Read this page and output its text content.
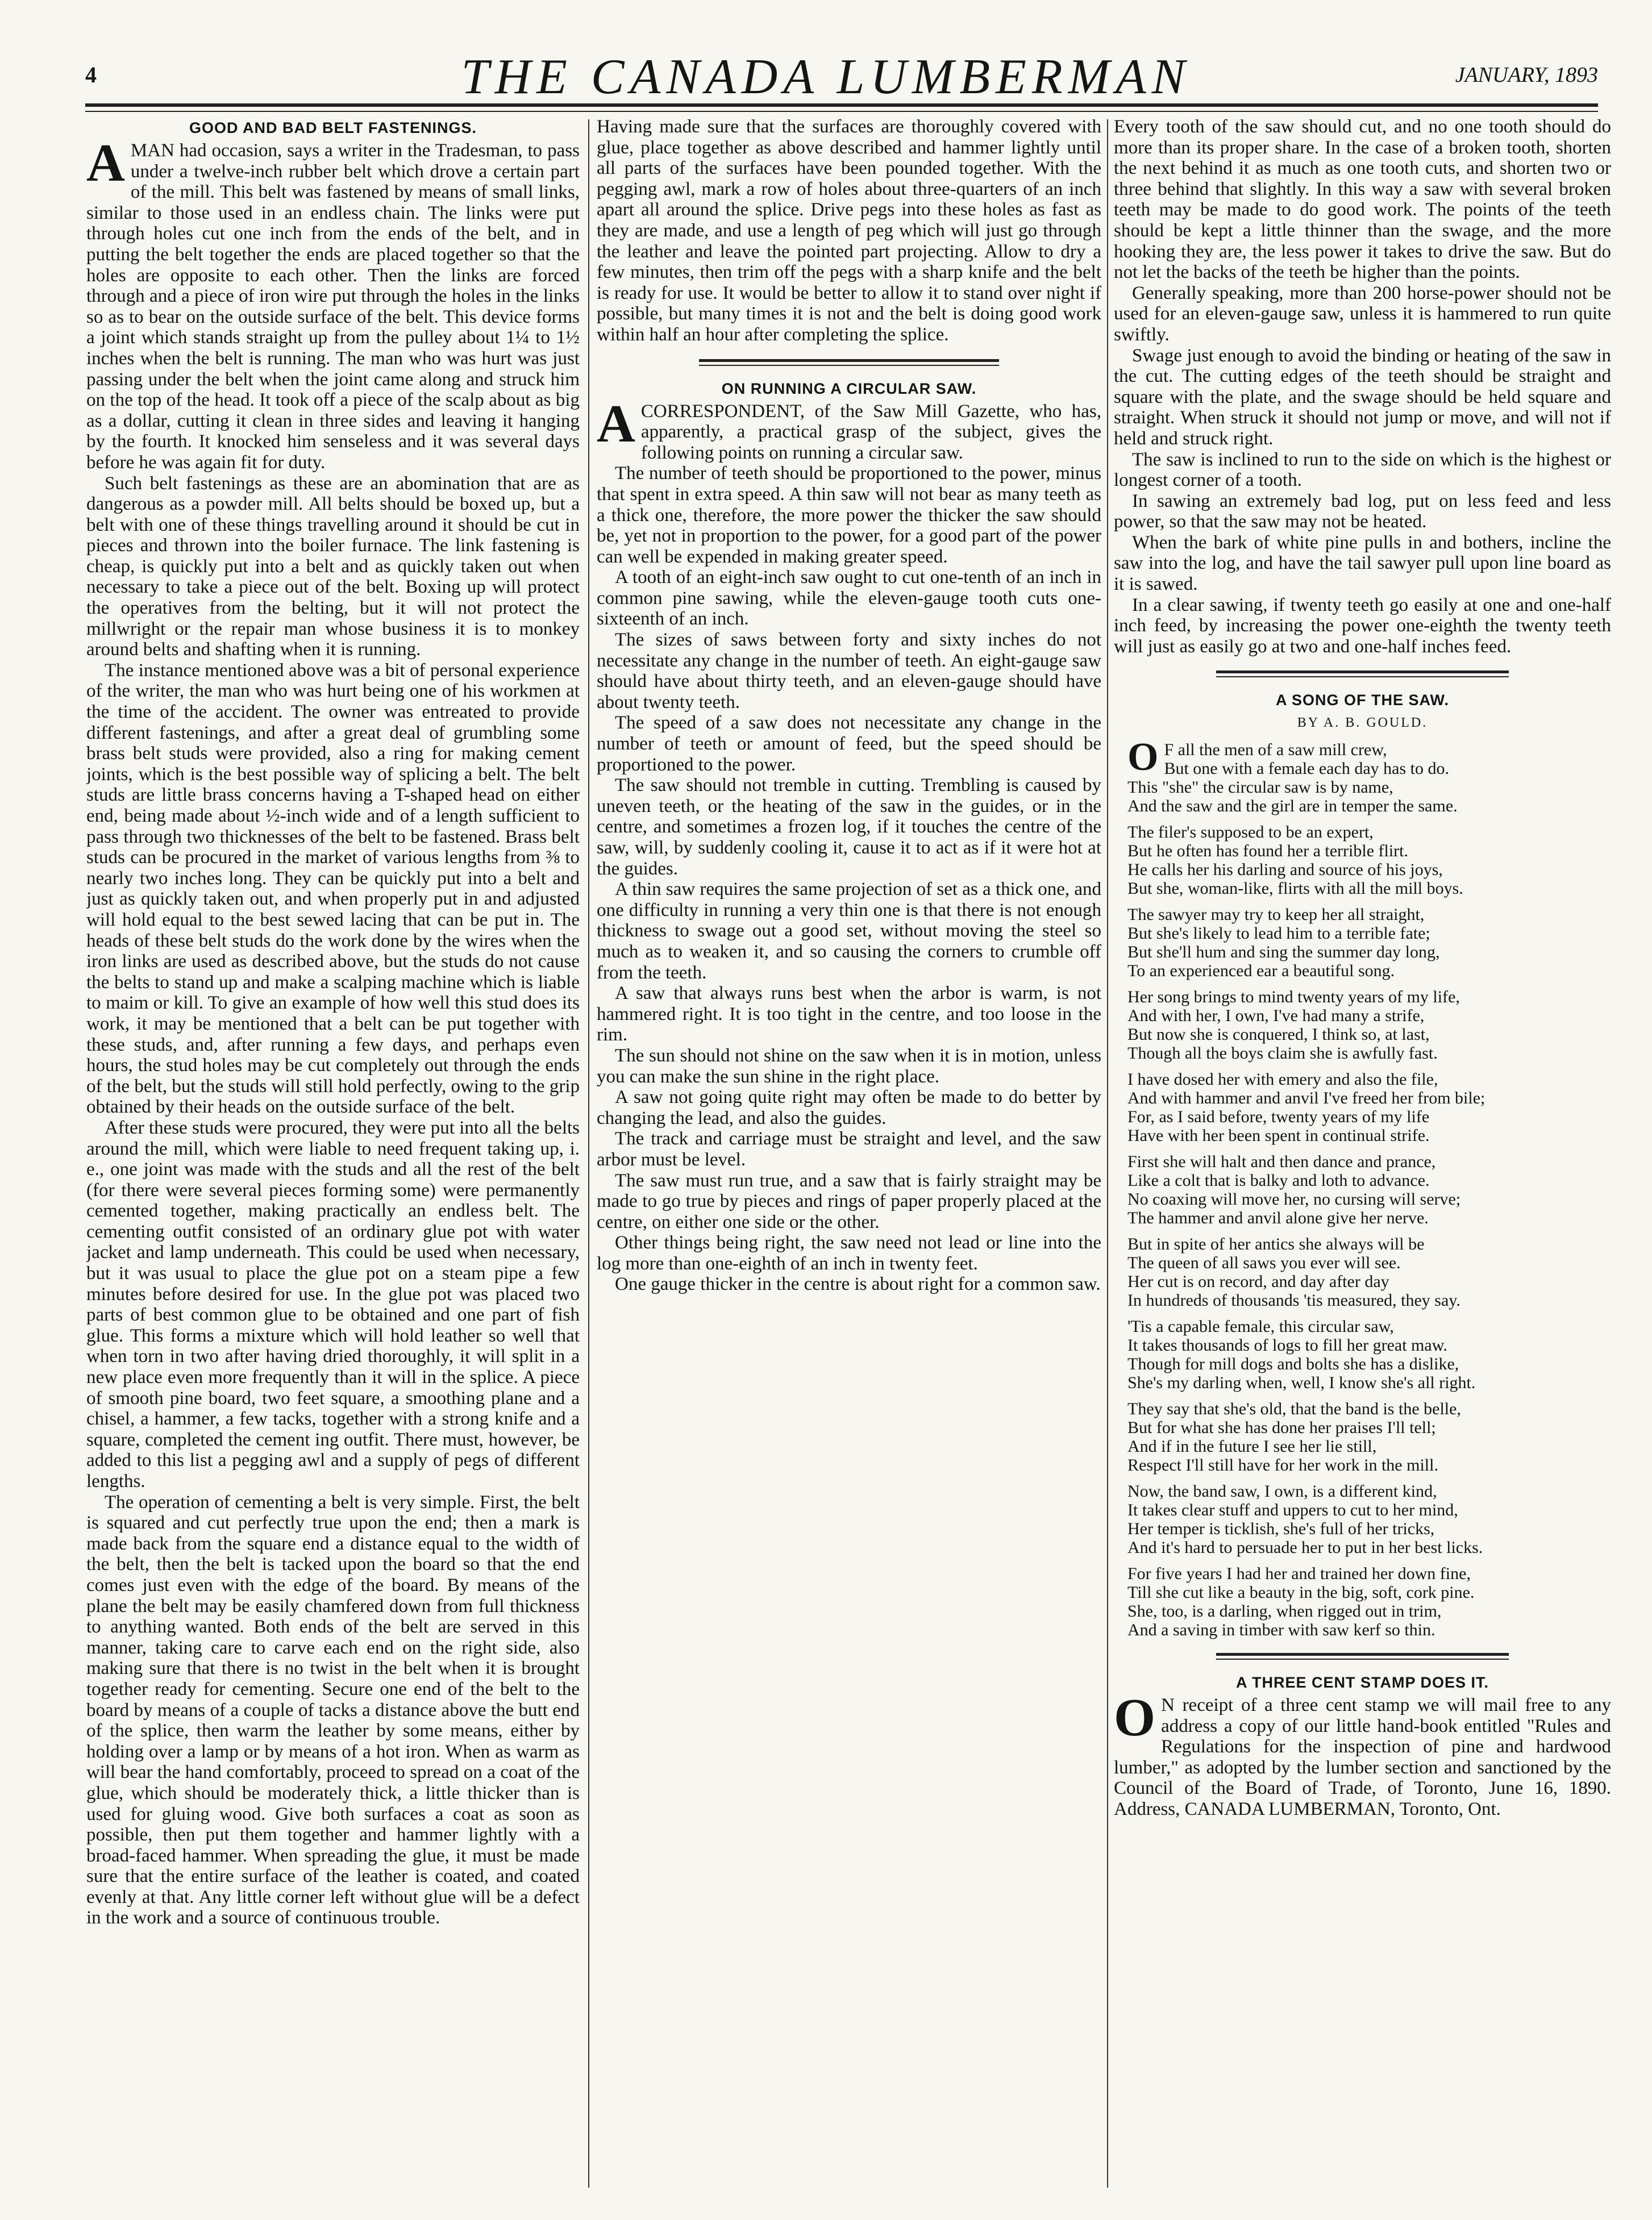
4	THE CANADA LUMBERMAN	JANUARY, 1893
GOOD AND BAD BELT FASTENINGS.

AMAN had occasion, says a writer in the Tradesman, to pass under a twelve-inch rubber belt which drove a certain part of the mill. This belt was fastened by means of small links, similar to those used in an endless chain. The links were put through holes cut one inch from the ends of the belt, and in putting the belt together the ends are placed together so that the holes are opposite to each other. Then the links are forced through and a piece of iron wire put through the holes in the links so as to bear on the outside surface of the belt. This device forms a joint which stands straight up from the pulley about 1¼ to 1½ inches when the belt is running. The man who was hurt was just passing under the belt when the joint came along and struck him on the top of the head. It took off a piece of the scalp about as big as a dollar, cutting it clean in three sides and leaving it hanging by the fourth. It knocked him senseless and it was several days before he was again fit for duty.

Such belt fastenings as these are an abomination that are as dangerous as a powder mill. All belts should be boxed up, but a belt with one of these things travelling around it should be cut in pieces and thrown into the boiler furnace. The link fastening is cheap, is quickly put into a belt and as quickly taken out when necessary to take a piece out of the belt. Boxing up will protect the operatives from the belting, but it will not protect the millwright or the repair man whose business it is to monkey around belts and shafting when it is running.

The instance mentioned above was a bit of personal experience of the writer, the man who was hurt being one of his workmen at the time of the accident. The owner was entreated to provide different fastenings, and after a great deal of grumbling some brass belt studs were provided, also a ring for making cement joints, which is the best possible way of splicing a belt. The belt studs are little brass concerns having a T-shaped head on either end, being made about ½-inch wide and of a length sufficient to pass through two thicknesses of the belt to be fastened. Brass belt studs can be procured in the market of various lengths from ⅜ to nearly two inches long. They can be quickly put into a belt and just as quickly taken out, and when properly put in and adjusted will hold equal to the best sewed lacing that can be put in. The heads of these belt studs do the work done by the wires when the iron links are used as described above, but the studs do not cause the belts to stand up and make a scalping machine which is liable to maim or kill. To give an example of how well this stud does its work, it may be mentioned that a belt can be put together with these studs, and, after running a few days, and perhaps even hours, the stud holes may be cut completely out through the ends of the belt, but the studs will still hold perfectly, owing to the grip obtained by their heads on the outside surface of the belt.

After these studs were procured, they were put into all the belts around the mill, which were liable to need frequent taking up, i. e., one joint was made with the studs and all the rest of the belt (for there were several pieces forming some) were permanently cemented together, making practically an endless belt. The cementing outfit consisted of an ordinary glue pot with water jacket and lamp underneath. This could be used when necessary, but it was usual to place the glue pot on a steam pipe a few minutes before desired for use. In the glue pot was placed two parts of best common glue to be obtained and one part of fish glue. This forms a mixture which will hold leather so well that when torn in two after having dried thoroughly, it will split in a new place even more frequently than it will in the splice. A piece of smooth pine board, two feet square, a smoothing plane and a chisel, a hammer, a few tacks, together with a strong knife and a square, completed the cement ing outfit. There must, however, be added to this list a pegging awl and a supply of pegs of different lengths.

The operation of cementing a belt is very simple. First, the belt is squared and cut perfectly true upon the end; then a mark is made back from the square end a distance equal to the width of the belt, then the belt is tacked upon the board so that the end comes just even with the edge of the board. By means of the plane the belt may be easily chamfered down from full thickness to anything wanted. Both ends of the belt are served in this manner, taking care to carve each end on the right side, also making sure that there is no twist in the belt when it is brought together ready for cementing. Secure one end of the belt to the board by means of a couple of tacks a distance above the butt end of the splice, then warm the leather by some means, either by holding over a lamp or by means of a hot iron. When as warm as will bear the hand comfortably, proceed to spread on a coat of the glue, which should be moderately thick, a little thicker than is used for gluing wood. Give both surfaces a coat as soon as possible, then put them together and hammer lightly with a broad-faced hammer. When spreading the glue, it must be made sure that the entire surface of the leather is coated, and coated evenly at that. Any little corner left without glue will be a defect in the work and a source of continuous trouble.

Having made sure that the surfaces are thoroughly covered with glue, place together as above described and hammer lightly until all parts of the surfaces have been pounded together. With the pegging awl, mark a row of holes about three-quarters of an inch apart all around the splice. Drive pegs into these holes as fast as they are made, and use a length of peg which will just go through the leather and leave the pointed part projecting. Allow to dry a few minutes, then trim off the pegs with a sharp knife and the belt is ready for use. It would be better to allow it to stand over night if possible, but many times it is not and the belt is doing good work within half an hour after completing the splice.

ON RUNNING A CIRCULAR SAW.

ACORRESPONDENT, of the Saw Mill Gazette, who has, apparently, a practical grasp of the subject, gives the following points on running a circular saw.

The number of teeth should be proportioned to the power, minus that spent in extra speed. A thin saw will not bear as many teeth as a thick one, therefore, the more power the thicker the saw should be, yet not in proportion to the power, for a good part of the power can well be expended in making greater speed.

A tooth of an eight-inch saw ought to cut one-tenth of an inch in common pine sawing, while the eleven-gauge tooth cuts one-sixteenth of an inch.

The sizes of saws between forty and sixty inches do not necessitate any change in the number of teeth. An eight-gauge saw should have about thirty teeth, and an eleven-gauge should have about twenty teeth.

The speed of a saw does not necessitate any change in the number of teeth or amount of feed, but the speed should be proportioned to the power.

The saw should not tremble in cutting. Trembling is caused by uneven teeth, or the heating of the saw in the guides, or in the centre, and sometimes a frozen log, if it touches the centre of the saw, will, by suddenly cooling it, cause it to act as if it were hot at the guides.

A thin saw requires the same projection of set as a thick one, and one difficulty in running a very thin one is that there is not enough thickness to swage out a good set, without moving the steel so much as to weaken it, and so causing the corners to crumble off from the teeth.

A saw that always runs best when the arbor is warm, is not hammered right. It is too tight in the centre, and too loose in the rim.

The sun should not shine on the saw when it is in motion, unless you can make the sun shine in the right place.

A saw not going quite right may often be made to do better by changing the lead, and also the guides.

The track and carriage must be straight and level, and the saw arbor must be level.

The saw must run true, and a saw that is fairly straight may be made to go true by pieces and rings of paper properly placed at the centre, on either one side or the other.

Other things being right, the saw need not lead or line into the log more than one-eighth of an inch in twenty feet.

One gauge thicker in the centre is about right for a common saw.

Every tooth of the saw should cut, and no one tooth should do more than its proper share. In the case of a broken tooth, shorten the next behind it as much as one tooth cuts, and shorten two or three behind that slightly. In this way a saw with several broken teeth may be made to do good work. The points of the teeth should be kept a little thinner than the swage, and the more hooking they are, the less power it takes to drive the saw. But do not let the backs of the teeth be higher than the points.

Generally speaking, more than 200 horse-power should not be used for an eleven-gauge saw, unless it is hammered to run quite swiftly.

Swage just enough to avoid the binding or heating of the saw in the cut. The cutting edges of the teeth should be straight and square with the plate, and the swage should be held square and straight. When struck it should not jump or move, and will not if held and struck right.

The saw is inclined to run to the side on which is the highest or longest corner of a tooth.

In sawing an extremely bad log, put on less feed and less power, so that the saw may not be heated.

When the bark of white pine pulls in and bothers, incline the saw into the log, and have the tail sawyer pull upon line board as it is sawed.

In a clear sawing, if twenty teeth go easily at one and one-half inch feed, by increasing the power one-eighth the twenty teeth will just as easily go at two and one-half inches feed.

A SONG OF THE SAW.
BY A. B. GOULD.
O F all the men of a saw mill crew,
But one with a female each day has to do.
This "she" the circular saw is by name,
And the saw and the girl are in temper the same.
The filer's supposed to be an expert,
But he often has found her a terrible flirt.
He calls her his darling and source of his joys,
But she, woman-like, flirts with all the mill boys.
The sawyer may try to keep her all straight,
But she's likely to lead him to a terrible fate;
But she'll hum and sing the summer day long,
To an experienced ear a beautiful song.
Her song brings to mind twenty years of my life,
And with her, I own, I've had many a strife,
But now she is conquered, I think so, at last,
Though all the boys claim she is awfully fast.
I have dosed her with emery and also the file,
And with hammer and anvil I've freed her from bile;
For, as I said before, twenty years of my life
Have with her been spent in continual strife.
First she will halt and then dance and prance,
Like a colt that is balky and loth to advance.
No coaxing will move her, no cursing will serve;
The hammer and anvil alone give her nerve.
But in spite of her antics she always will be
The queen of all saws you ever will see.
Her cut is on record, and day after day
In hundreds of thousands 'tis measured, they say.
'Tis a capable female, this circular saw,
It takes thousands of logs to fill her great maw.
Though for mill dogs and bolts she has a dislike,
She's my darling when, well, I know she's all right.
They say that she's old, that the band is the belle,
But for what she has done her praises I'll tell;
And if in the future I see her lie still,
Respect I'll still have for her work in the mill.
Now, the band saw, I own, is a different kind,
It takes clear stuff and uppers to cut to her mind,
Her temper is ticklish, she's full of her tricks,
And it's hard to persuade her to put in her best licks.
For five years I had her and trained her down fine,
Till she cut like a beauty in the big, soft, cork pine.
She, too, is a darling, when rigged out in trim,
And a saving in timber with saw kerf so thin.
A THREE CENT STAMP DOES IT.

O N receipt of a three cent stamp we will mail free to any address a copy of our little hand-book entitled "Rules and Regulations for the inspection of pine and hardwood lumber," as adopted by the lumber section and sanctioned by the Council of the Board of Trade, of Toronto, June 16, 1890. Address, CANADA LUMBERMAN, Toronto, Ont.
